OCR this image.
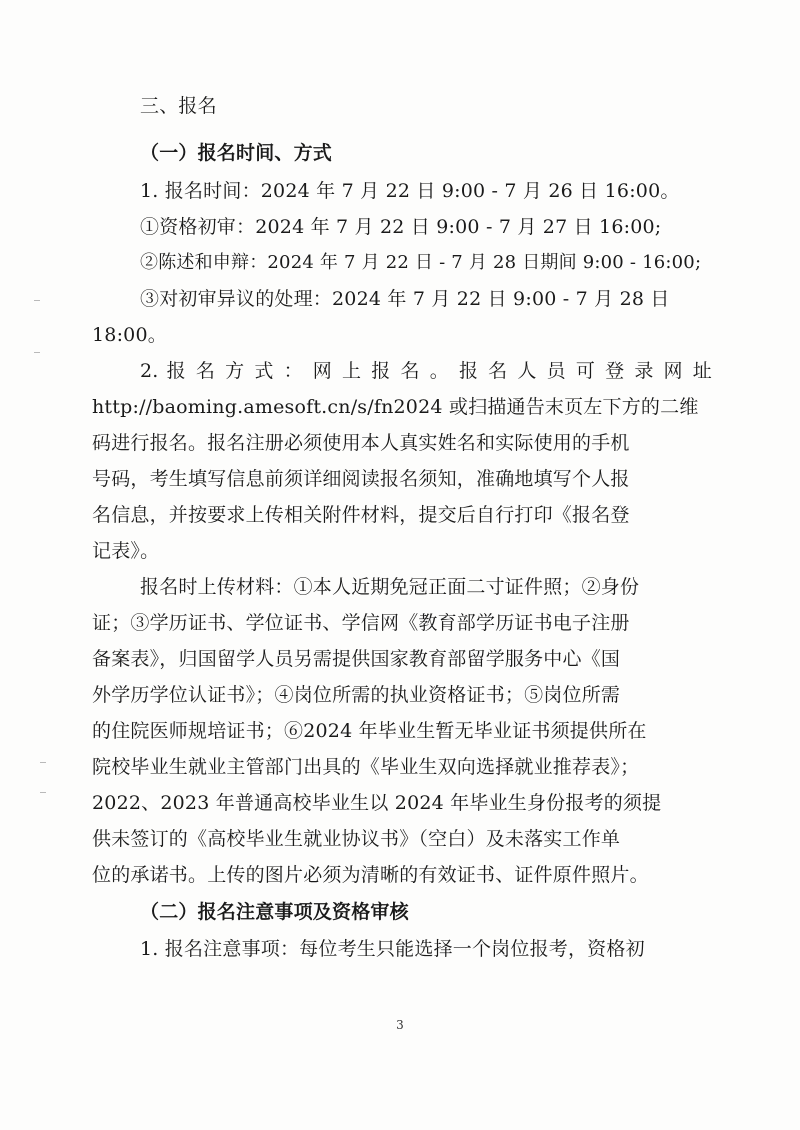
三、报名
（一）报名时间、方式
1. 报名时间：2024 年 7 月 22 日 9:00 - 7 月 26 日 16:00。
①资格初审：2024 年 7 月 22 日 9:00 - 7 月 27 日 16:00;
②陈述和申辩：2024 年 7 月 22 日 - 7 月 28 日期间 9:00 - 16:00;
③对初审异议的处理：2024 年 7 月 22 日 9:00 - 7 月 28 日
18:00。
2. 报 名 方 式 ： 网 上 报 名 。 报 名 人 员 可 登 录 网 址
http://baoming.amesoft.cn/s/fn2024 或扫描通告末页左下方的二维
码进行报名。报名注册必须使用本人真实姓名和实际使用的手机
号码，考生填写信息前须详细阅读报名须知，准确地填写个人报
名信息，并按要求上传相关附件材料，提交后自行打印《报名登
记表》。
报名时上传材料：①本人近期免冠正面二寸证件照；②身份
证；③学历证书、学位证书、学信网《教育部学历证书电子注册
备案表》，归国留学人员另需提供国家教育部留学服务中心《国
外学历学位认证书》；④岗位所需的执业资格证书；⑤岗位所需
的住院医师规培证书；⑥2024 年毕业生暂无毕业证书须提供所在
院校毕业生就业主管部门出具的《毕业生双向选择就业推荐表》；
2022、2023 年普通高校毕业生以 2024 年毕业生身份报考的须提
供未签订的《高校毕业生就业协议书》（空白）及未落实工作单
位的承诺书。上传的图片必须为清晰的有效证书、证件原件照片。
（二）报名注意事项及资格审核
1. 报名注意事项：每位考生只能选择一个岗位报考，资格初
3
